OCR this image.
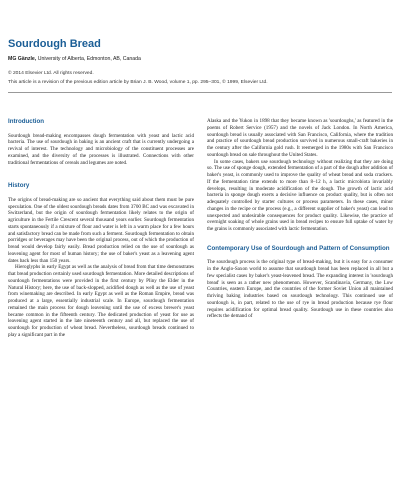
Sourdough Bread
MG Gänzle, University of Alberta, Edmonton, AB, Canada
© 2014 Elsevier Ltd. All rights reserved.
This article is a revision of the previous edition article by Brian J. B. Wood, volume 1, pp. 295–301, © 1999, Elsevier Ltd.
Introduction

Sourdough bread-making encompasses dough fermentation with yeast and lactic acid bacteria. The use of sourdough in baking is an ancient craft that is currently undergoing a revival of interest. The technology and microbiology of the constituent processes are examined, and the diversity of the processes is illustrated. Connections with other traditional fermentations of cereals and legumes are noted.

History

The origins of bread-making are so ancient that everything said about them must be pure speculation. One of the oldest sourdough breads dates from 3700 BC and was excavated in Switzerland, but the origin of sourdough fermentation likely relates to the origin of agriculture in the Fertile Crescent several thousand years earlier. Sourdough fermentation starts spontaneously if a mixture of flour and water is left in a warm place for a few hours and satisfactory bread can be made from such a ferment. Sourdough fermentation to obtain porridges or beverages may have been the original process, out of which the production of bread would develop fairly easily. Bread production relied on the use of sourdough as leavening agent for most of human history; the use of baker's yeast as a leavening agent dates back less than 150 years.

Hieroglyphs in early Egypt as well as the analysis of bread from that time demonstrates that bread production certainly used sourdough fermentation. More detailed descriptions of sourdough fermentations were provided in the first century by Pliny the Elder in the Natural History; here, the use of back-slopped, acidified dough as well as the use of yeast from winemaking are described. In early Egypt as well as the Roman Empire, bread was produced at a large, essentially industrial scale. In Europe, sourdough fermentation remained the main process for dough leavening until the use of excess brewer's yeast became common in the fifteenth century. The dedicated production of yeast for use as leavening agent started in the late nineteenth century and all, but replaced the use of sourdough for production of wheat bread. Nevertheless, sourdough breads continued to play a significant part in the

Alaska and the Yukon in 1898 that they became known as 'sourdoughs,' as featured in the poems of Robert Service (1957) and the novels of Jack London. In North America, sourdough bread is usually associated with San Francisco, California, where the tradition and practice of sourdough bread production survived in numerous small-craft bakeries in the century after the California gold rush. It reemerged in the 1980s with San Francisco sourdough bread on sale throughout the United States.

In some cases, bakers use sourdough technology without realizing that they are doing so. The use of sponge dough, extended fermentation of a part of the dough after addition of baker's yeast, is commonly used to improve the quality of wheat bread and soda crackers. If the fermentation time extends to more than 8–12 h, a lactic microbiota invariably develops, resulting in moderate acidification of the dough. The growth of lactic acid bacteria in sponge dough exerts a decisive influence on product quality, but is often not adequately controlled by starter cultures or process parameters. In these cases, minor changes in the recipe or the process (e.g., a different supplier of baker's yeast) can lead to unexpected and undesirable consequences for product quality. Likewise, the practice of overnight soaking of whole grains used in bread recipes to ensure full uptake of water by the grains is commonly associated with lactic fermentation.

Contemporary Use of Sourdough and Pattern of Consumption

The sourdough process is the original type of bread-making, but it is easy for a consumer in the Anglo-Saxon world to assume that sourdough bread has been replaced in all but a few specialist cases by baker's yeast-leavened bread. The expanding interest in 'sourdough bread' is seen as a rather new phenomenon. However, Scandinavia, Germany, the Low Countries, eastern Europe, and the countries of the former Soviet Union all maintained thriving baking industries based on sourdough technology. This continued use of sourdough is, in part, related to the use of rye in bread production because rye flour requires acidification for optimal bread quality. Sourdough use in these countries also reflects the demand of
